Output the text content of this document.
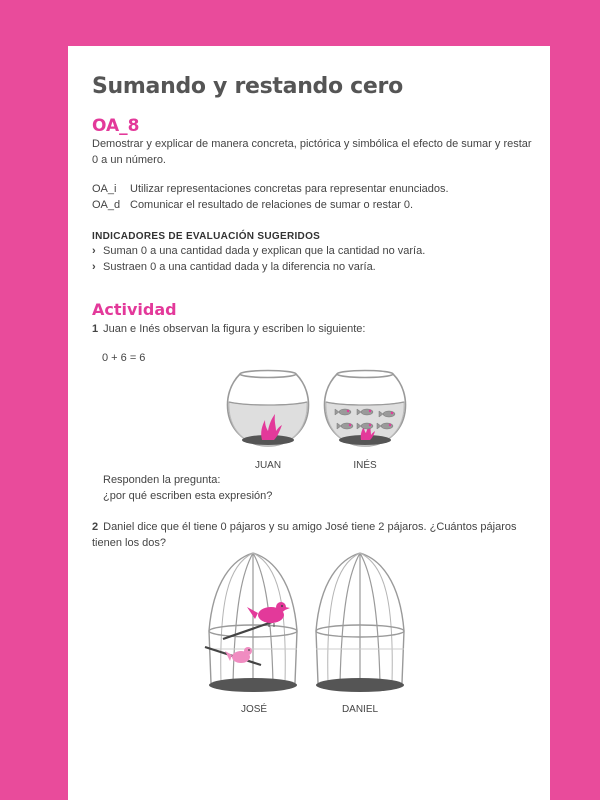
Sumando y restando cero
OA_8
Demostrar y explicar de manera concreta, pictórica y simbólica el efecto de sumar y restar 0 a un número.
OA_i Utilizar representaciones concretas para representar enunciados.
OA_d Comunicar el resultado de relaciones de sumar o restar 0.
INDICADORES DE EVALUACIÓN SUGERIDOS
› Suman 0 a una cantidad dada y explican que la cantidad no varía.
› Sustraen 0 a una cantidad dada y la diferencia no varía.
Actividad
1 Juan e Inés observan la figura y escriben lo siguiente:
0 + 6 = 6
JUAN	INÉS
Responden la pregunta:
¿por qué escriben esta expresión?
2 Daniel dice que él tiene 0 pájaros y su amigo José tiene 2 pájaros. ¿Cuántos pájaros tienen los dos?
JOSÉ	DANIEL
